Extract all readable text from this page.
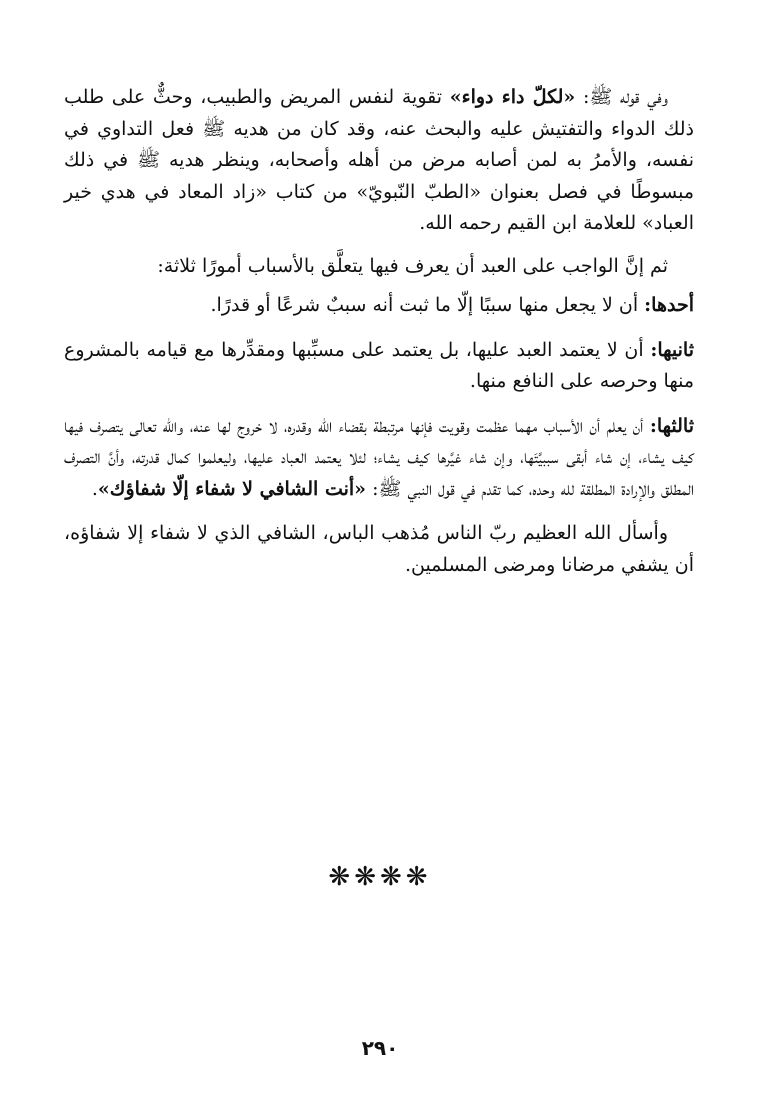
وفي قوله ﷺ: «لكلّ داء دواء» تقوية لنفس المريض والطبيب، وحثٌّ على طلب ذلك الدواء والتفتيش عليه والبحث عنه، وقد كان من هديه ﷺ فعل التداوي في نفسه، والأمرُ به لمن أصابه مرض من أهله وأصحابه، وينظر هديه ﷺ في ذلك مبسوطًا في فصل بعنوان «الطبّ النّبويّ» من كتاب «زاد المعاد في هدي خير العباد» للعلامة ابن القيم رحمه الله.

ثم إنَّ الواجب على العبد أن يعرف فيها يتعلَّق بالأسباب أمورًا ثلاثة:

أحدها: أن لا يجعل منها سببًا إلّا ما ثبت أنه سببٌ شرعًا أو قدرًا.

ثانيها: أن لا يعتمد العبد عليها، بل يعتمد على مسبِّبها ومقدِّرها مع قيامه بالمشروع منها وحرصه على النافع منها.

ثالثها: أن يعلم أن الأسباب مهما عظمت وقويت فإنها مرتبطة بقضاء الله وقدره، لا خروج لها عنه، والله تعالى يتصرف فيها كيف يشاء، إن شاء أبقى سببيَّتَها، وإن شاء غيَّرها كيف يشاء؛ لئلا يعتمد العباد عليها، وليعلموا كمال قدرته، وأنَّ التصرف المطلق والإرادة المطلقة لله وحده، كما تقدم في قول النبي ﷺ: «أنت الشافي لا شفاء إلّا شفاؤك».

وأسأل الله العظيم ربّ الناس مُذهب الباس، الشافي الذي لا شفاء إلا شفاؤه، أن يشفي مرضانا ومرضى المسلمين.

❋❋❋❋
٢٩٠
